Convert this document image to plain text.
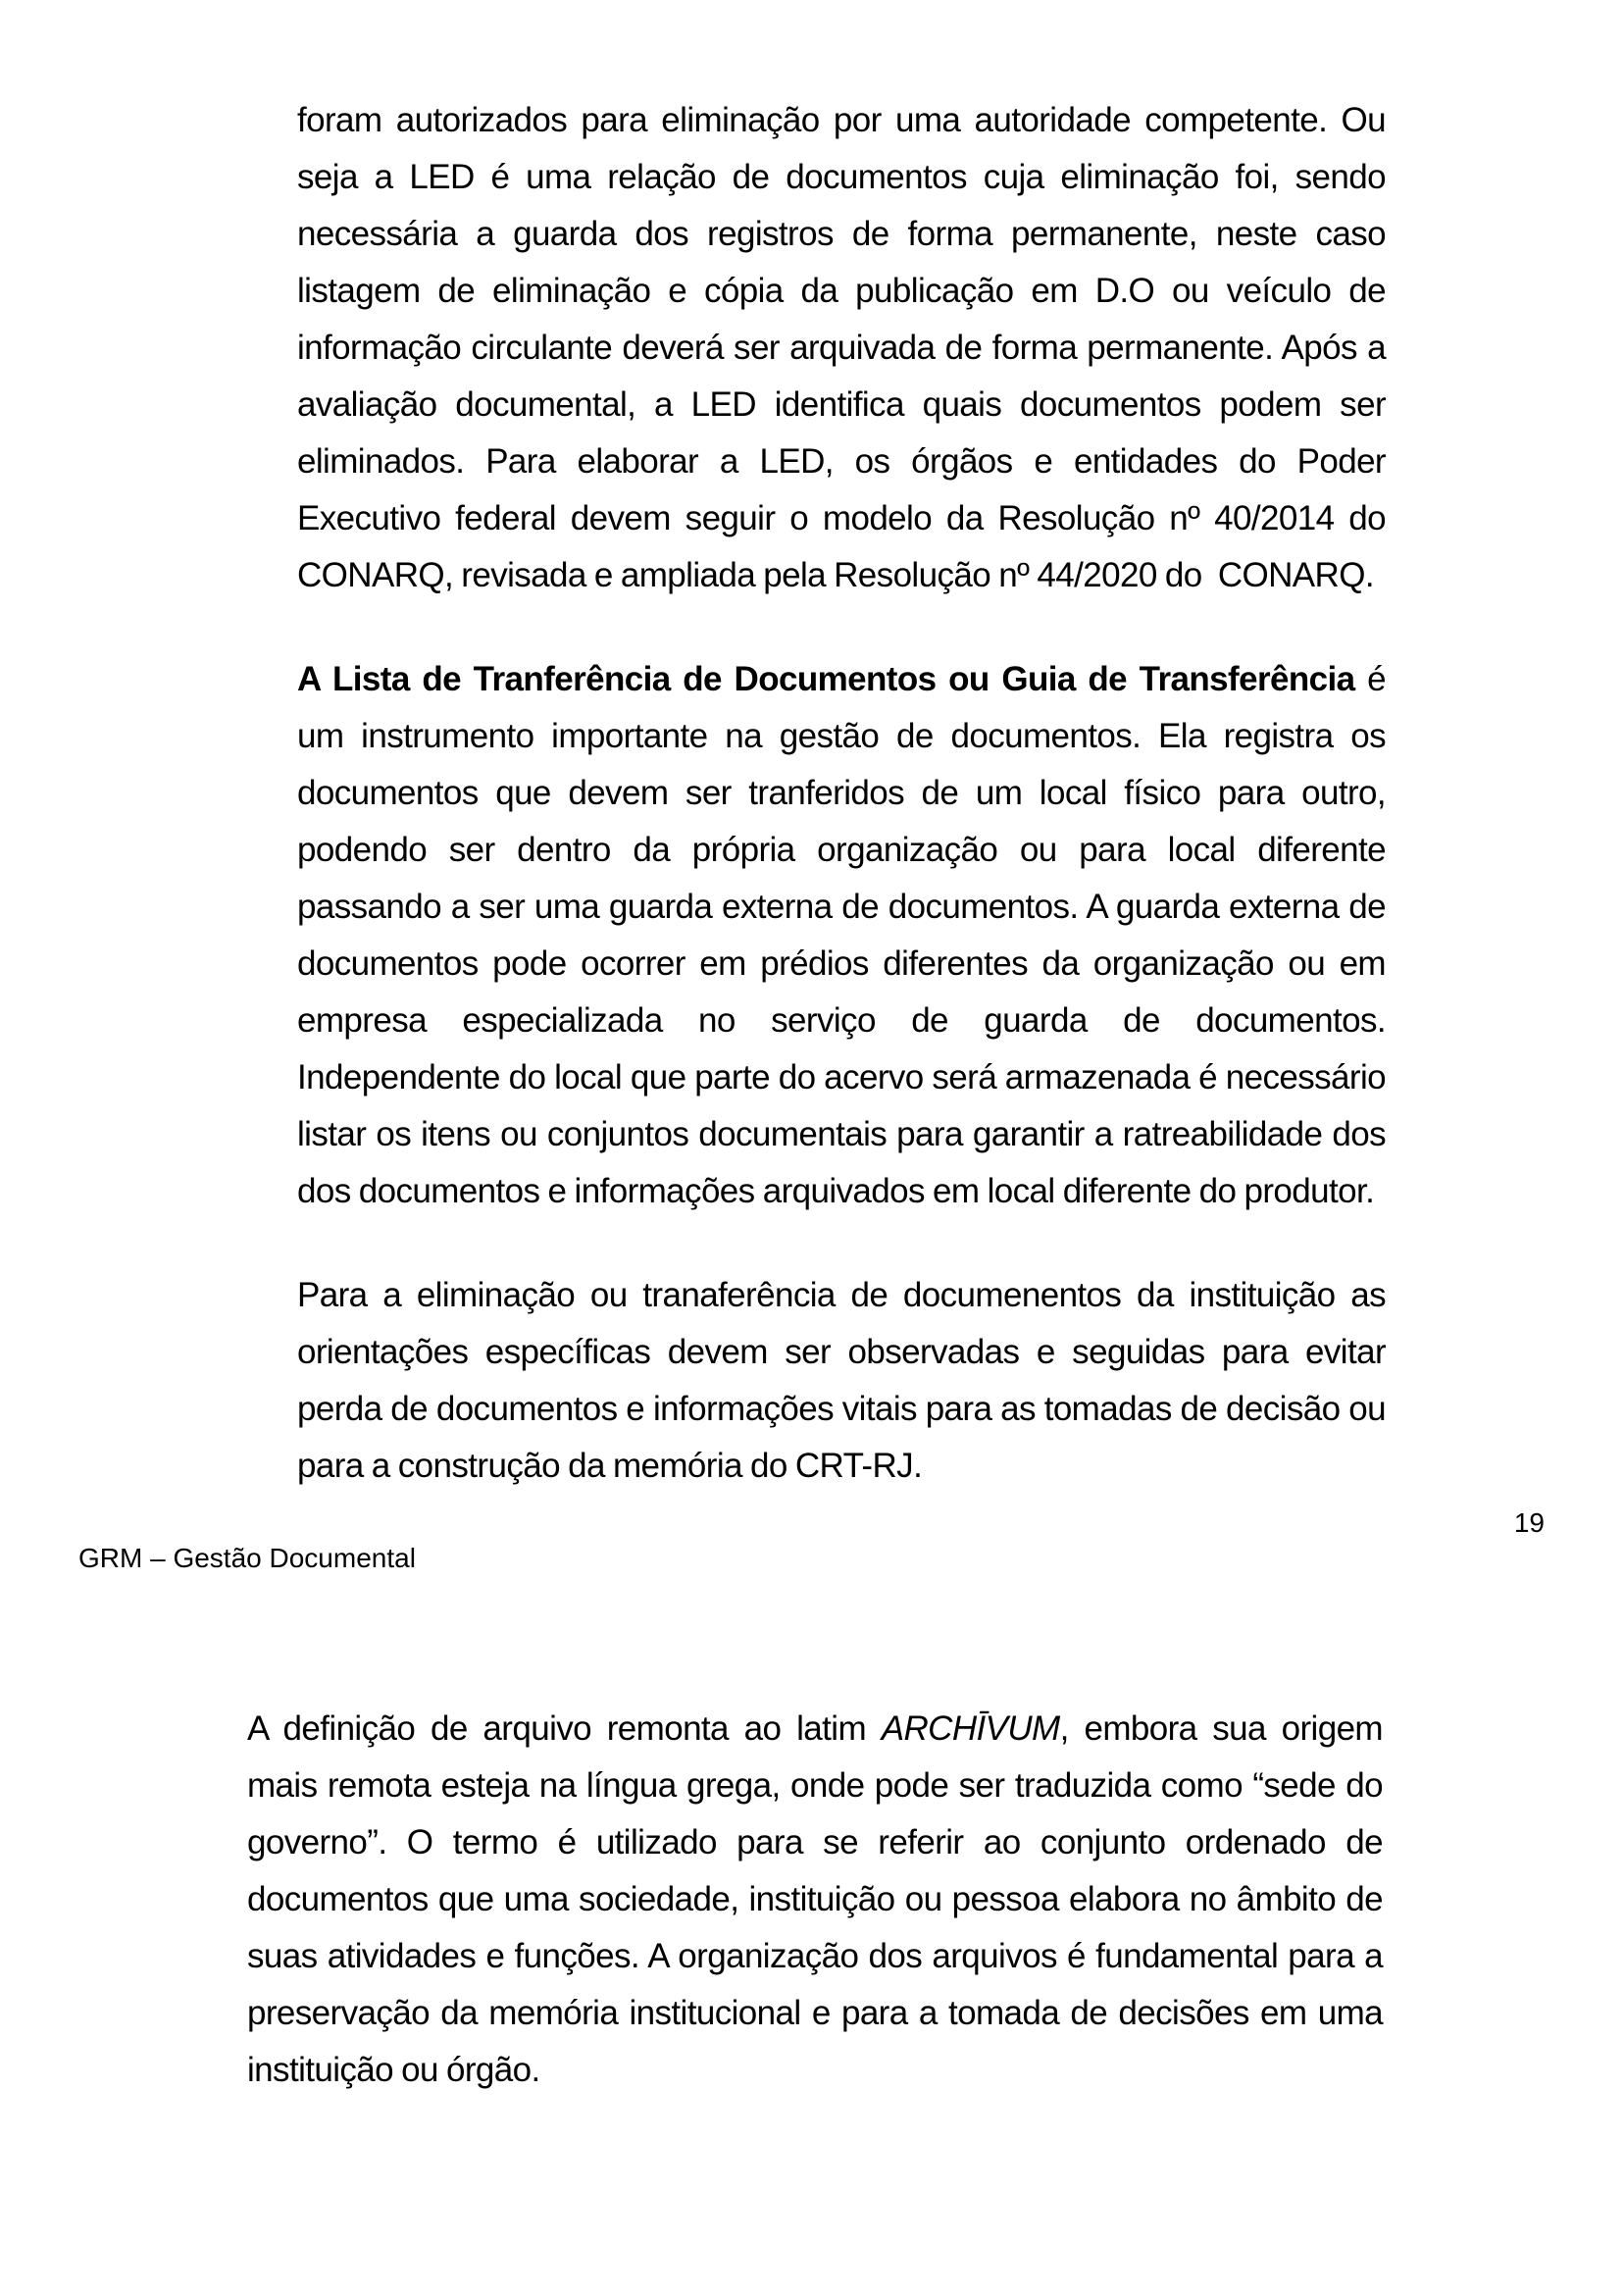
foram autorizados para eliminação por uma autoridade competente. Ou
seja a LED é uma relação de documentos cuja eliminação foi, sendo
necessária a guarda dos registros de forma permanente, neste caso
listagem de eliminação e cópia da publicação em D.O ou veículo de
informação circulante deverá ser arquivada de forma permanente. Após a
avaliação documental, a LED identifica quais documentos podem ser
eliminados. Para elaborar a LED, os órgãos e entidades do Poder
Executivo federal devem seguir o modelo da Resolução nº 40/2014 do
CONARQ, revisada e ampliada pela Resolução nº 44/2020 do  CONARQ.
A Lista de Tranferência de Documentos ou Guia de Transferência é
um instrumento importante na gestão de documentos. Ela registra os
documentos que devem ser tranferidos de um local físico para outro,
podendo ser dentro da própria organização ou para local diferente
passando a ser uma guarda externa de documentos. A guarda externa de
documentos pode ocorrer em prédios diferentes da organização ou em
empresa especializada no serviço de guarda de documentos.
Independente do local que parte do acervo será armazenada é necessário
listar os itens ou conjuntos documentais para garantir a ratreabilidade dos
dos documentos e informações arquivados em local diferente do produtor.
Para a eliminação ou tranaferência de documenentos da instituição as
orientações específicas devem ser observadas e seguidas para evitar
perda de documentos e informações vitais para as tomadas de decisão ou
para a construção da memória do CRT-RJ.
19
GRM – Gestão Documental
A definição de arquivo remonta ao latim ARCHĪVUM, embora sua origem
mais remota esteja na língua grega, onde pode ser traduzida como “sede do
governo”. O termo é utilizado para se referir ao conjunto ordenado de
documentos que uma sociedade, instituição ou pessoa elabora no âmbito de
suas atividades e funções. A organização dos arquivos é fundamental para a
preservação da memória institucional e para a tomada de decisões em uma
instituição ou órgão.
